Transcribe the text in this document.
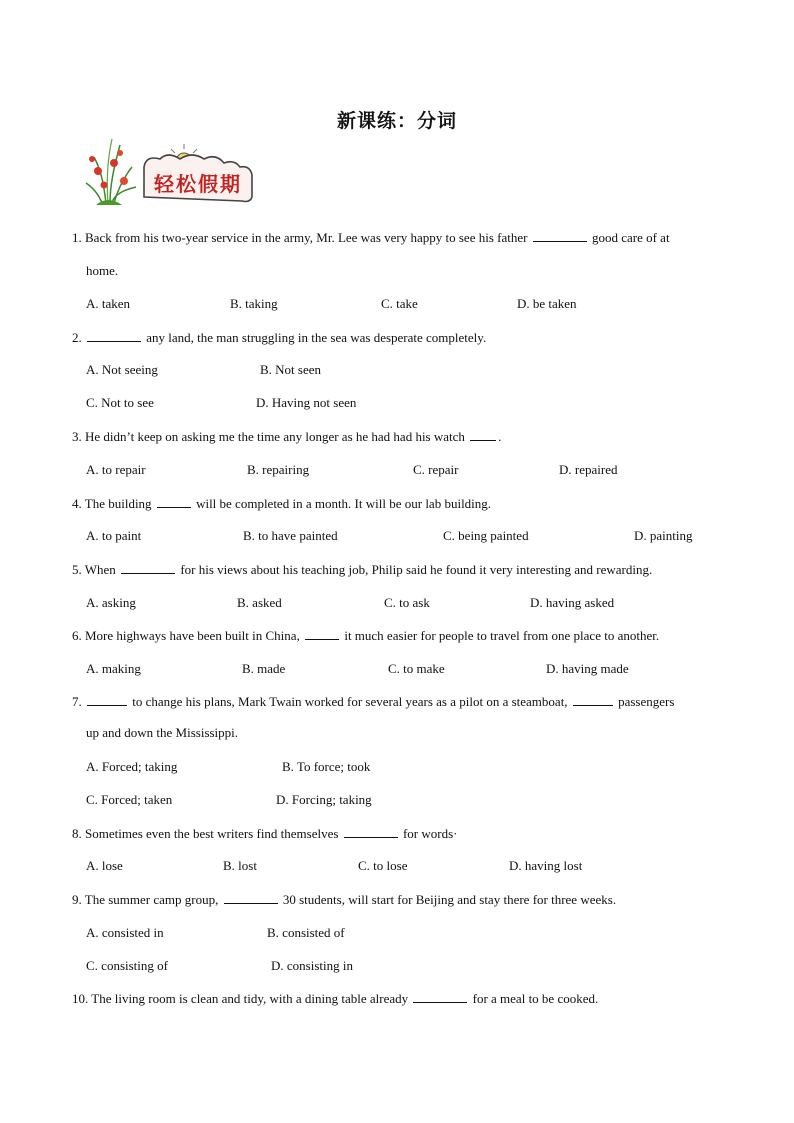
新课练：分词
轻松假期
1. Back from his two-year service in the army, Mr. Lee was very happy to see his father	good care of at
home.
A. taken	B. taking	C. take	D. be taken
2.	any land, the man struggling in the sea was desperate completely.
A. Not seeing	B. Not seen
C. Not to see	D. Having not seen
3. He didn’t keep on asking me the time any longer as he had had his watch .
A. to repair	B. repairing	C. repair	D. repaired
4. The building	will be completed in a month. It will be our lab building.
A. to paint	B. to have painted	C. being painted	D. painting
5. When	for his views about his teaching job, Philip said he found it very interesting and rewarding.
A. asking	B. asked	C. to ask	D. having asked
6. More highways have been built in China,	it much easier for people to travel from one place to another.
A. making	B. made	C. to make	D. having made
7.	to change his plans, Mark Twain worked for several years as a pilot on a steamboat,	passengers
up and down the Mississippi.
A. Forced; taking	B. To force; took
C. Forced; taken	D. Forcing; taking
8. Sometimes even the best writers find themselves	for words·
A. lose	B. lost	C. to lose	D. having lost
9. The summer camp group,	30 students, will start for Beijing and stay there for three weeks.
A. consisted in	B. consisted of
C. consisting of	D. consisting in
10. The living room is clean and tidy, with a dining table already	for a meal to be cooked.
